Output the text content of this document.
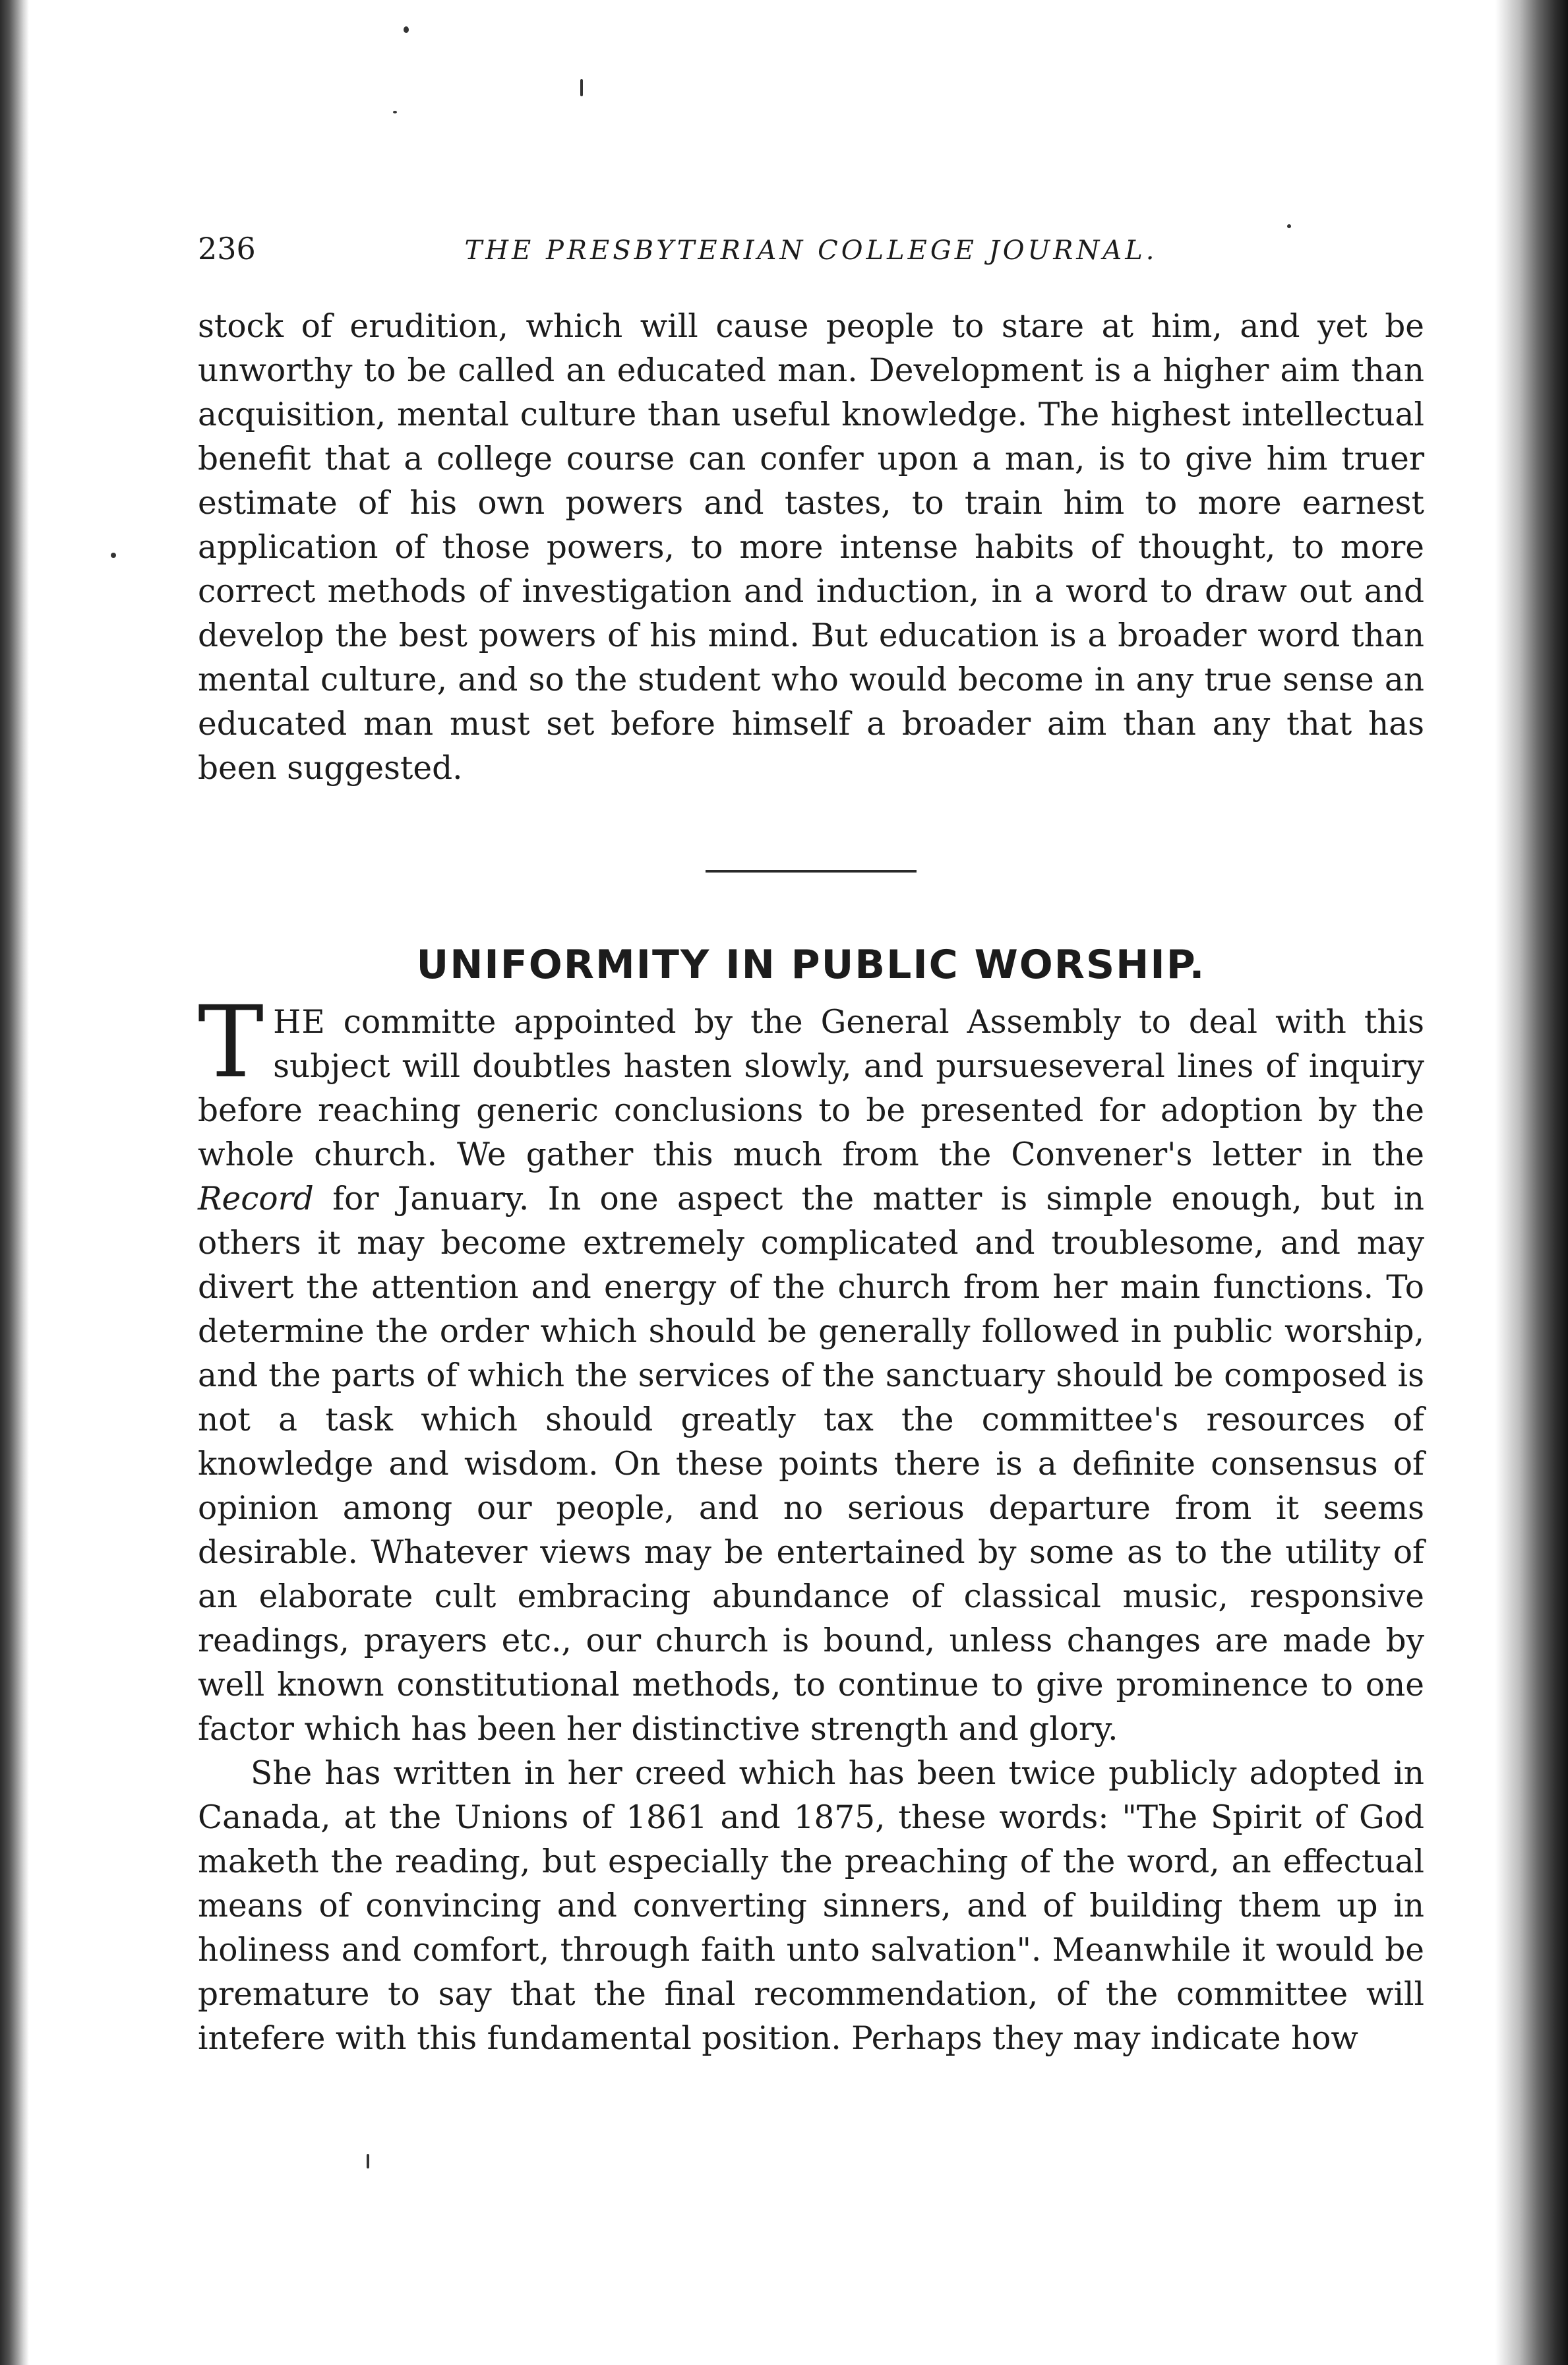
236	THE PRESBYTERIAN COLLEGE JOURNAL.

stock of erudition, which will cause people to stare at him, and yet be unworthy to be called an educated man. Development is a higher aim than acquisition, mental culture than useful knowledge. The highest intellectual benefit that a college course can confer upon a man, is to give him truer estimate of his own powers and tastes, to train him to more earnest application of those powers, to more intense habits of thought, to more correct methods of investigation and induction, in a word to draw out and develop the best powers of his mind. But education is a broader word than mental culture, and so the student who would become in any true sense an educated man must set before himself a broader aim than any that has been suggested.

UNIFORMITY IN PUBLIC WORSHIP.

THE committe appointed by the General Assembly to deal with this subject will doubtles hasten slowly, and pursueseveral lines of inquiry before reaching generic conclusions to be presented for adoption by the whole church. We gather this much from the Convener's letter in the Record for January. In one aspect the matter is simple enough, but in others it may become extremely complicated and troublesome, and may divert the attention and energy of the church from her main functions. To determine the order which should be generally followed in public worship, and the parts of which the services of the sanctuary should be composed is not a task which should greatly tax the committee's resources of knowledge and wisdom. On these points there is a definite consensus of opinion among our people, and no serious departure from it seems desirable. Whatever views may be entertained by some as to the utility of an elaborate cult embracing abundance of classical music, responsive readings, prayers etc., our church is bound, unless changes are made by well known constitutional methods, to continue to give prominence to one factor which has been her distinctive strength and glory.

She has written in her creed which has been twice publicly adopted in Canada, at the Unions of 1861 and 1875, these words: "The Spirit of God maketh the reading, but especially the preaching of the word, an effectual means of convincing and converting sinners, and of building them up in holiness and comfort, through faith unto salvation". Meanwhile it would be premature to say that the final recommendation, of the committee will intefere with this fundamental position. Perhaps they may indicate how
